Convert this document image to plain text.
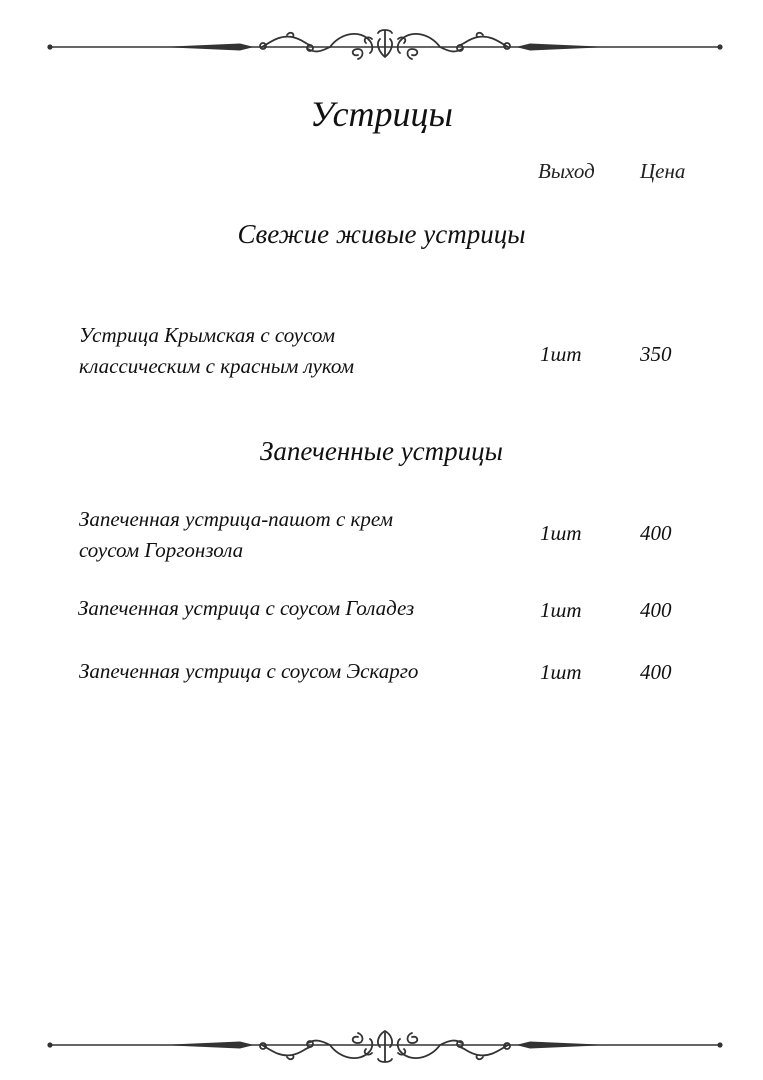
Устрицы
Выход Цена
Свежие живые устрицы
Устрица Крымская с соусом
классическим с красным луком	1шт	350
Запеченные устрицы
Запеченная устрица-пашот с крем
соусом Горгонзола
1шт	400
Запеченная устрица с соусом Голадез	1шт	400
Запеченная устрица с соусом Эскарго	1шт	400
